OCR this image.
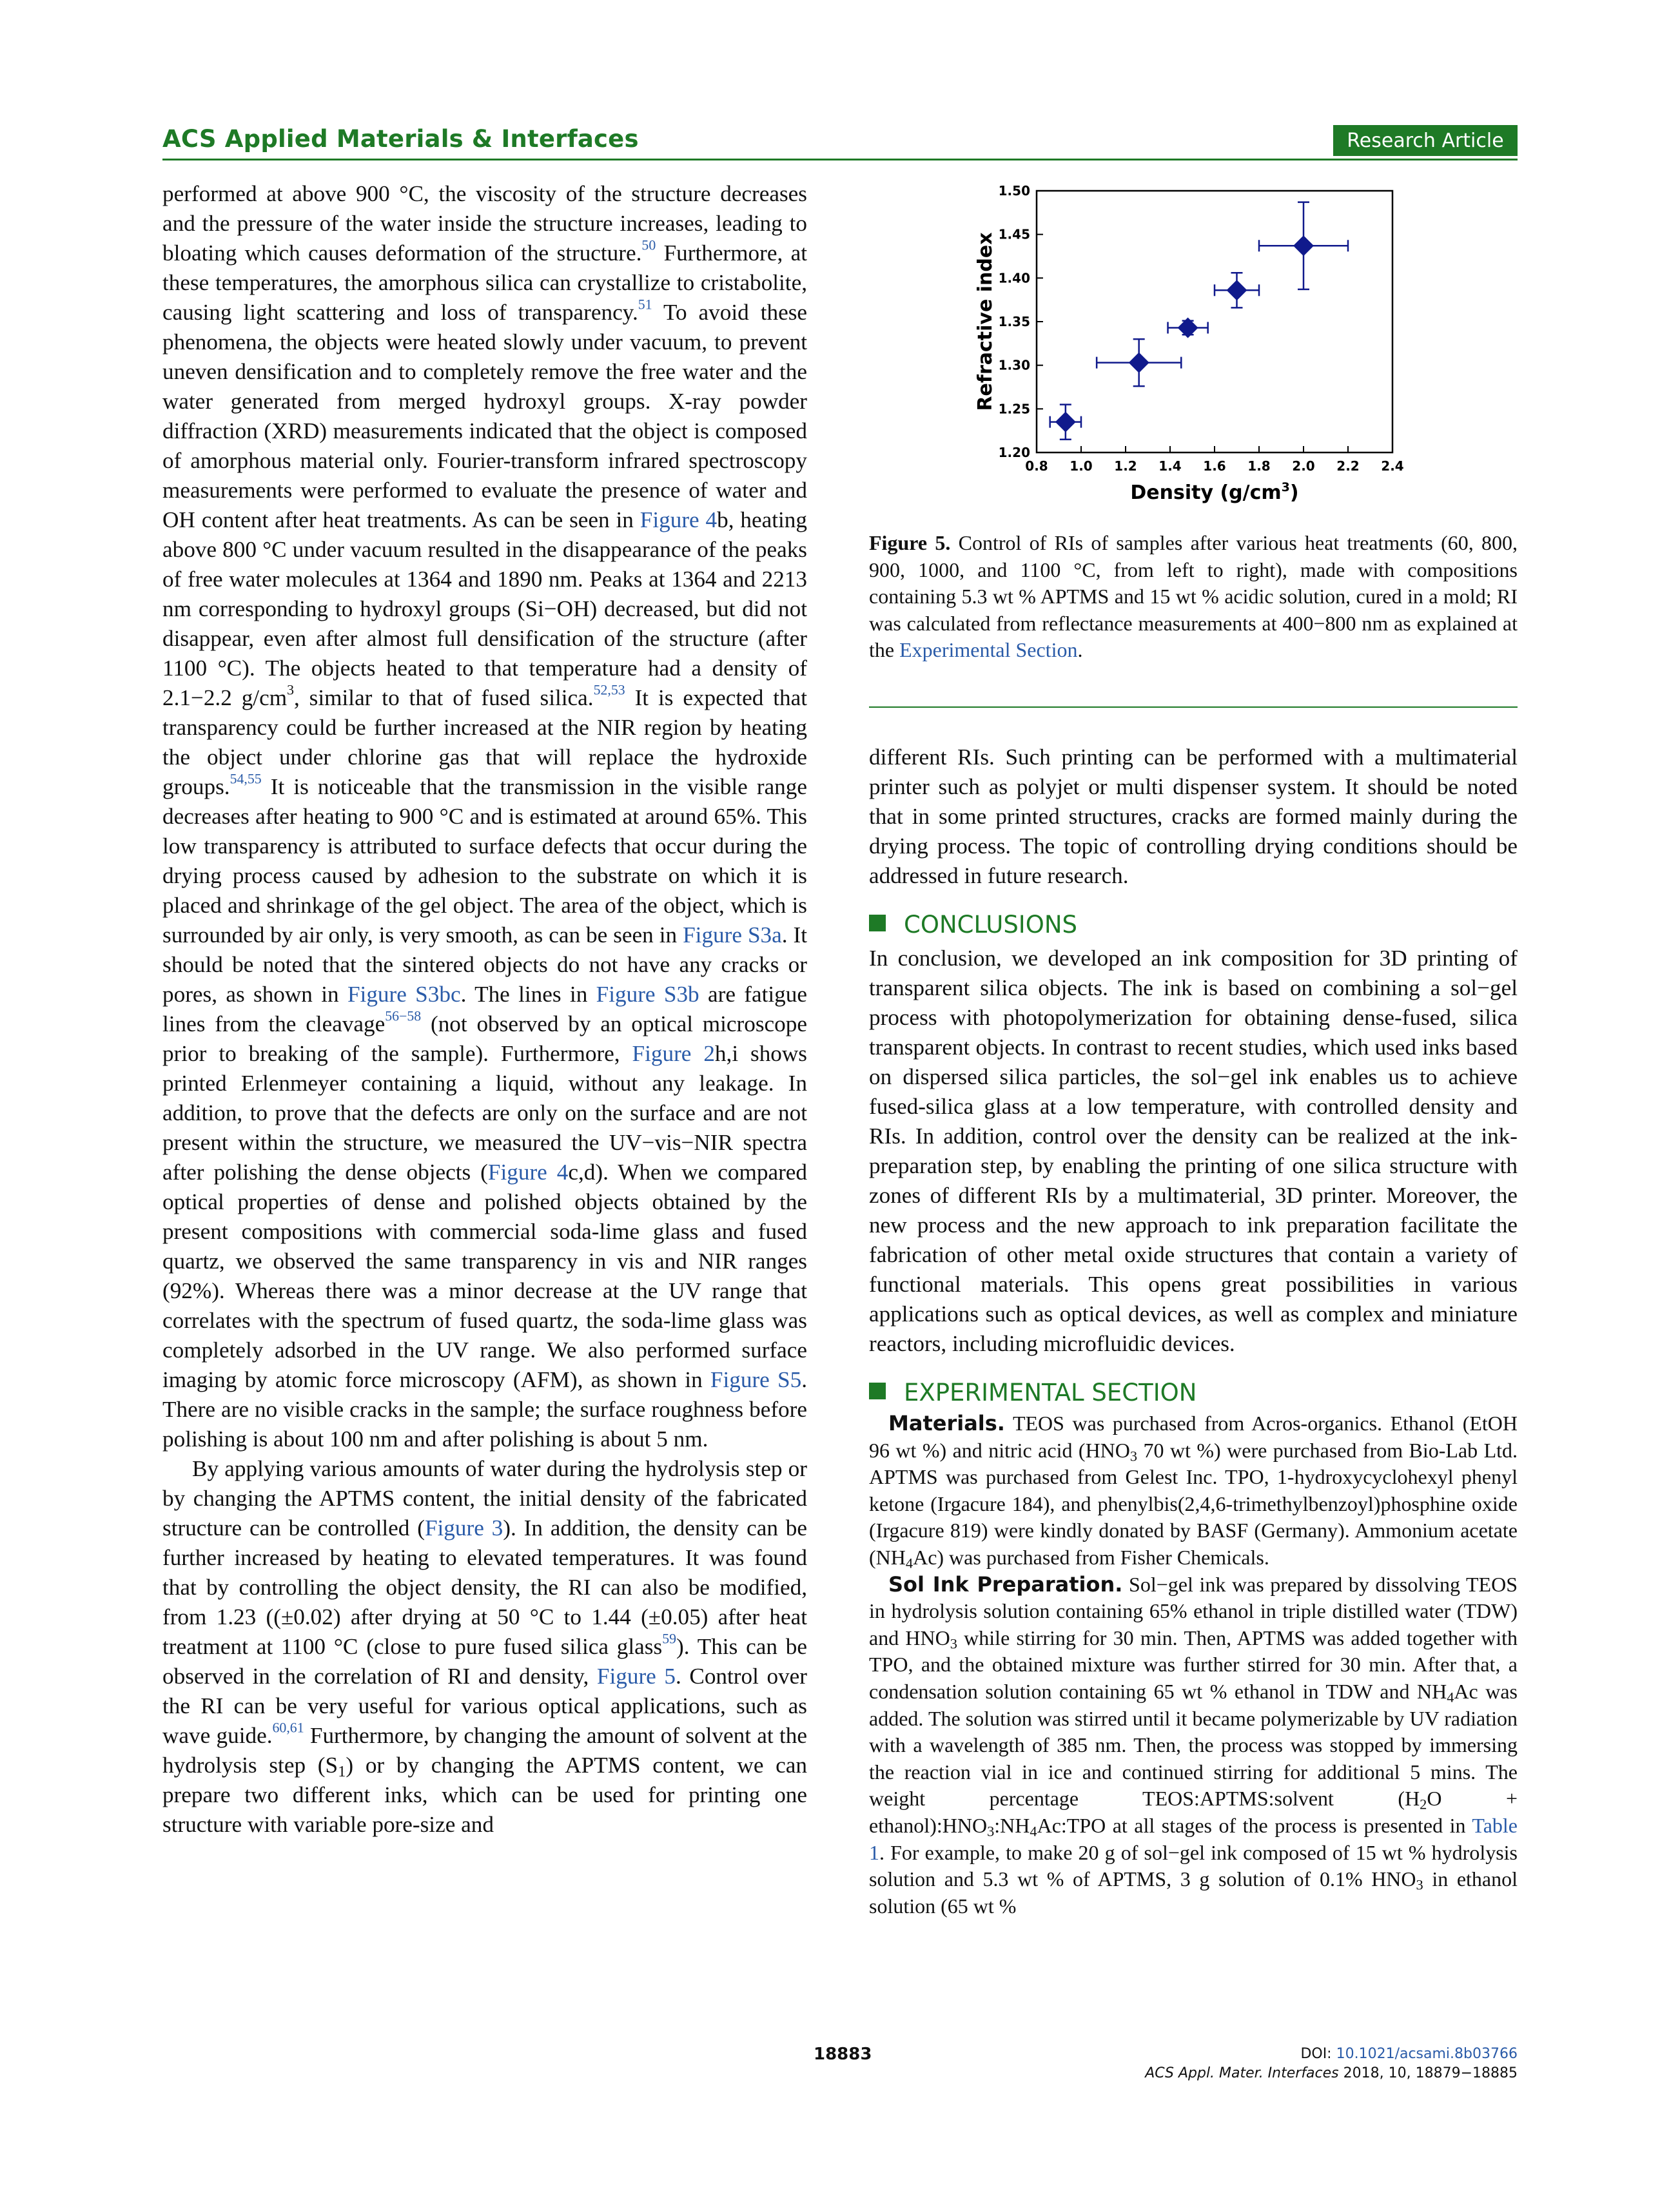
ACS Applied Materials & Interfaces	Research Article

performed at above 900 °C, the viscosity of the structure decreases and the pressure of the water inside the structure increases, leading to bloating which causes deformation of the structure.$^{50}$ Furthermore, at these temperatures, the amorphous silica can crystallize to cristabolite, causing light scattering and loss of transparency.$^{51}$ To avoid these phenomena, the objects were heated slowly under vacuum, to prevent uneven densification and to completely remove the free water and the water generated from merged hydroxyl groups. X-ray powder diffraction (XRD) measurements indicated that the object is composed of amorphous material only. Fourier-transform infrared spectroscopy measurements were performed to evaluate the presence of water and OH content after heat treatments. As can be seen in Figure 4b, heating above 800 °C under vacuum resulted in the disappearance of the peaks of free water molecules at 1364 and 1890 nm. Peaks at 1364 and 2213 nm corresponding to hydroxyl groups (Si−OH) decreased, but did not disappear, even after almost full densification of the structure (after 1100 °C). The objects heated to that temperature had a density of 2.1−2.2 $g/cm^3$, similar to that of fused silica.$^{52,53}$ It is expected that transparency could be further increased at the NIR region by heating the object under chlorine gas that will replace the hydroxide groups.$^{54,55}$ It is noticeable that the transmission in the visible range decreases after heating to 900 °C and is estimated at around 65%. This low transparency is attributed to surface defects that occur during the drying process caused by adhesion to the substrate on which it is placed and shrinkage of the gel object. The area of the object, which is surrounded by air only, is very smooth, as can be seen in Figure S3a. It should be noted that the sintered objects do not have any cracks or pores, as shown in Figure S3bc. The lines in Figure S3b are fatigue lines from the cleavage$^{56-58}$ (not observed by an optical microscope prior to breaking of the sample). Furthermore, Figure 2h,i shows printed Erlenmeyer containing a liquid, without any leakage. In addition, to prove that the defects are only on the surface and are not present within the structure, we measured the UV−vis−NIR spectra after polishing the dense objects (Figure 4c,d). When we compared optical properties of dense and polished objects obtained by the present compositions with commercial soda-lime glass and fused quartz, we observed the same transparency in vis and NIR ranges (92%). Whereas there was a minor decrease at the UV range that correlates with the spectrum of fused quartz, the soda-lime glass was completely adsorbed in the UV range. We also performed surface imaging by atomic force microscopy (AFM), as shown in Figure S5. There are no visible cracks in the sample; the surface roughness before polishing is about 100 nm and after polishing is about 5 nm.

By applying various amounts of water during the hydrolysis step or by changing the APTMS content, the initial density of the fabricated structure can be controlled (Figure 3). In addition, the density can be further increased by heating to elevated temperatures. It was found that by controlling the object density, the RI can also be modified, from 1.23 ((±0.02) after drying at 50 °C to 1.44 (±0.05) after heat treatment at 1100 °C (close to pure fused silica glass$^{59}$). This can be observed in the correlation of RI and density, Figure 5. Control over the RI can be very useful for various optical applications, such as wave guide.$^{60,61}$ Furthermore, by changing the amount of solvent at the hydrolysis step $(S_1)$ or by changing the APTMS content, we can prepare two different inks, which can be used for printing one structure with variable pore-size and

0.8 1.0 1.2 1.4 1.6 1.8 2.0 2.2 2.4
1.20
1.25
1.30
1.35
1.40
1.45
1.50
Density $(g/cm^3)$
Refractive index
Figure 5. Control of RIs of samples after various heat treatments (60, 800, 900, 1000, and 1100 °C, from left to right), made with compositions containing 5.3 wt % APTMS and 15 wt % acidic solution, cured in a mold; RI was calculated from reflectance measurements at 400−800 nm as explained at the Experimental Section.

different RIs. Such printing can be performed with a multimaterial printer such as polyjet or multi dispenser system. It should be noted that in some printed structures, cracks are formed mainly during the drying process. The topic of controlling drying conditions should be addressed in future research.

CONCLUSIONS

In conclusion, we developed an ink composition for 3D printing of transparent silica objects. The ink is based on combining a sol−gel process with photopolymerization for obtaining dense-fused, silica transparent objects. In contrast to recent studies, which used inks based on dispersed silica particles, the sol−gel ink enables us to achieve fused-silica glass at a low temperature, with controlled density and RIs. In addition, control over the density can be realized at the ink-preparation step, by enabling the printing of one silica structure with zones of different RIs by a multimaterial, 3D printer. Moreover, the new process and the new approach to ink preparation facilitate the fabrication of other metal oxide structures that contain a variety of functional materials. This opens great possibilities in various applications such as optical devices, as well as complex and miniature reactors, including microfluidic devices.

EXPERIMENTAL SECTION

Materials. TEOS was purchased from Acros-organics. Ethanol (EtOH 96 wt %) and nitric acid ($HNO_3$ 70 wt %) were purchased from Bio-Lab Ltd. APTMS was purchased from Gelest Inc. TPO, 1-hydroxycyclohexyl phenyl ketone (Irgacure 184), and phenylbis(2,4,6-trimethylbenzoyl)phosphine oxide (Irgacure 819) were kindly donated by BASF (Germany). Ammonium acetate $(NH_4Ac)$ was purchased from Fisher Chemicals.

Sol Ink Preparation. Sol−gel ink was prepared by dissolving TEOS in hydrolysis solution containing 65% ethanol in triple distilled water (TDW) and $HNO_3$ while stirring for 30 min. Then, APTMS was added together with TPO, and the obtained mixture was further stirred for 30 min. After that, a condensation solution containing 65 wt % ethanol in TDW and $NH_4Ac$ was added. The solution was stirred until it became polymerizable by UV radiation with a wavelength of 385 nm. Then, the process was stopped by immersing the reaction vial in ice and continued stirring for additional 5 mins. The weight percentage TEOS:APTMS:solvent ($H_2O$ + $ethanol):HNO_3:NH_4Ac:TPO$ at all stages of the process is presented in Table 1. For example, to make 20 g of sol−gel ink composed of 15 wt % hydrolysis solution and 5.3 wt % of APTMS, 3 g solution of 0.1% $HNO_3$ in ethanol solution (65 wt %

18883	DOI: 10.1021/acsami.8b03766
ACS Appl. Mater. Interfaces 2018, 10, 18879−18885
